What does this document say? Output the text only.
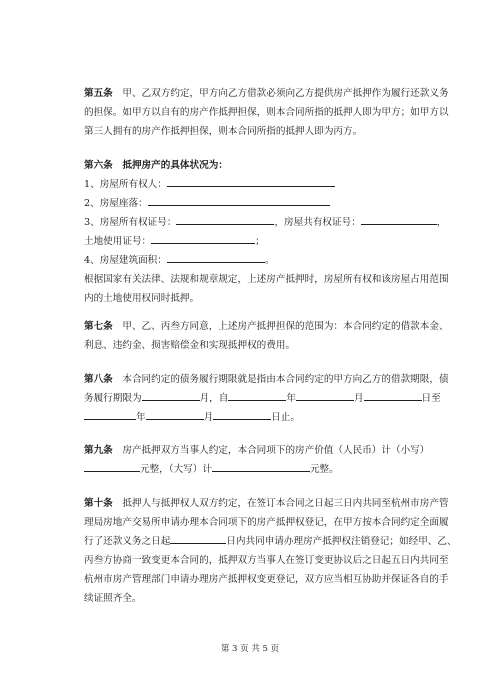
第五条　甲、乙双方约定，甲方向乙方借款必须向乙方提供房产抵押作为履行还款义务
的担保。如甲方以自有的房产作抵押担保，则本合同所指的抵押人即为甲方；如甲方以
第三人拥有的房产作抵押担保，则本合同所指的抵押人即为丙方。
第六条　抵押房产的具体状况为：
1、房屋所有权人：
2、房屋座落：
3、房屋所有权证号：	，房屋共有权证号：	，
土地使用证号：	；
4、房屋建筑面积：	。
根据国家有关法律、法规和规章规定，上述房产抵押时，房屋所有权和该房屋占用范围
内的土地使用权同时抵押。
第七条　甲、乙、丙叁方同意，上述房产抵押担保的范围为：本合同约定的借款本金、
利息、违约金、损害赔偿金和实现抵押权的费用。
第八条　本合同约定的债务履行期限就是指由本合同约定的甲方向乙方的借款期限，债
务履行期限为	月，自	年	月	日至
年	月	日止。
第九条　房产抵押双方当事人约定，本合同项下的房产价值（人民币）计（小写）
元整，（大写）计	元整。
第十条　抵押人与抵押权人双方约定，在签订本合同之日起三日内共同至杭州市房产管
理局房地产交易所申请办理本合同项下的房产抵押权登记，在甲方按本合同约定全面履
行了还款义务之日起	日内共同申请办理房产抵押权注销登记；如经甲、乙、
丙叁方协商一致变更本合同的，抵押双方当事人在签订变更协议后之日起五日内共同至
杭州市房产管理部门申请办理房产抵押权变更登记，双方应当相互协助并保证各自的手
续证照齐全。
第 3 页 共 5 页
